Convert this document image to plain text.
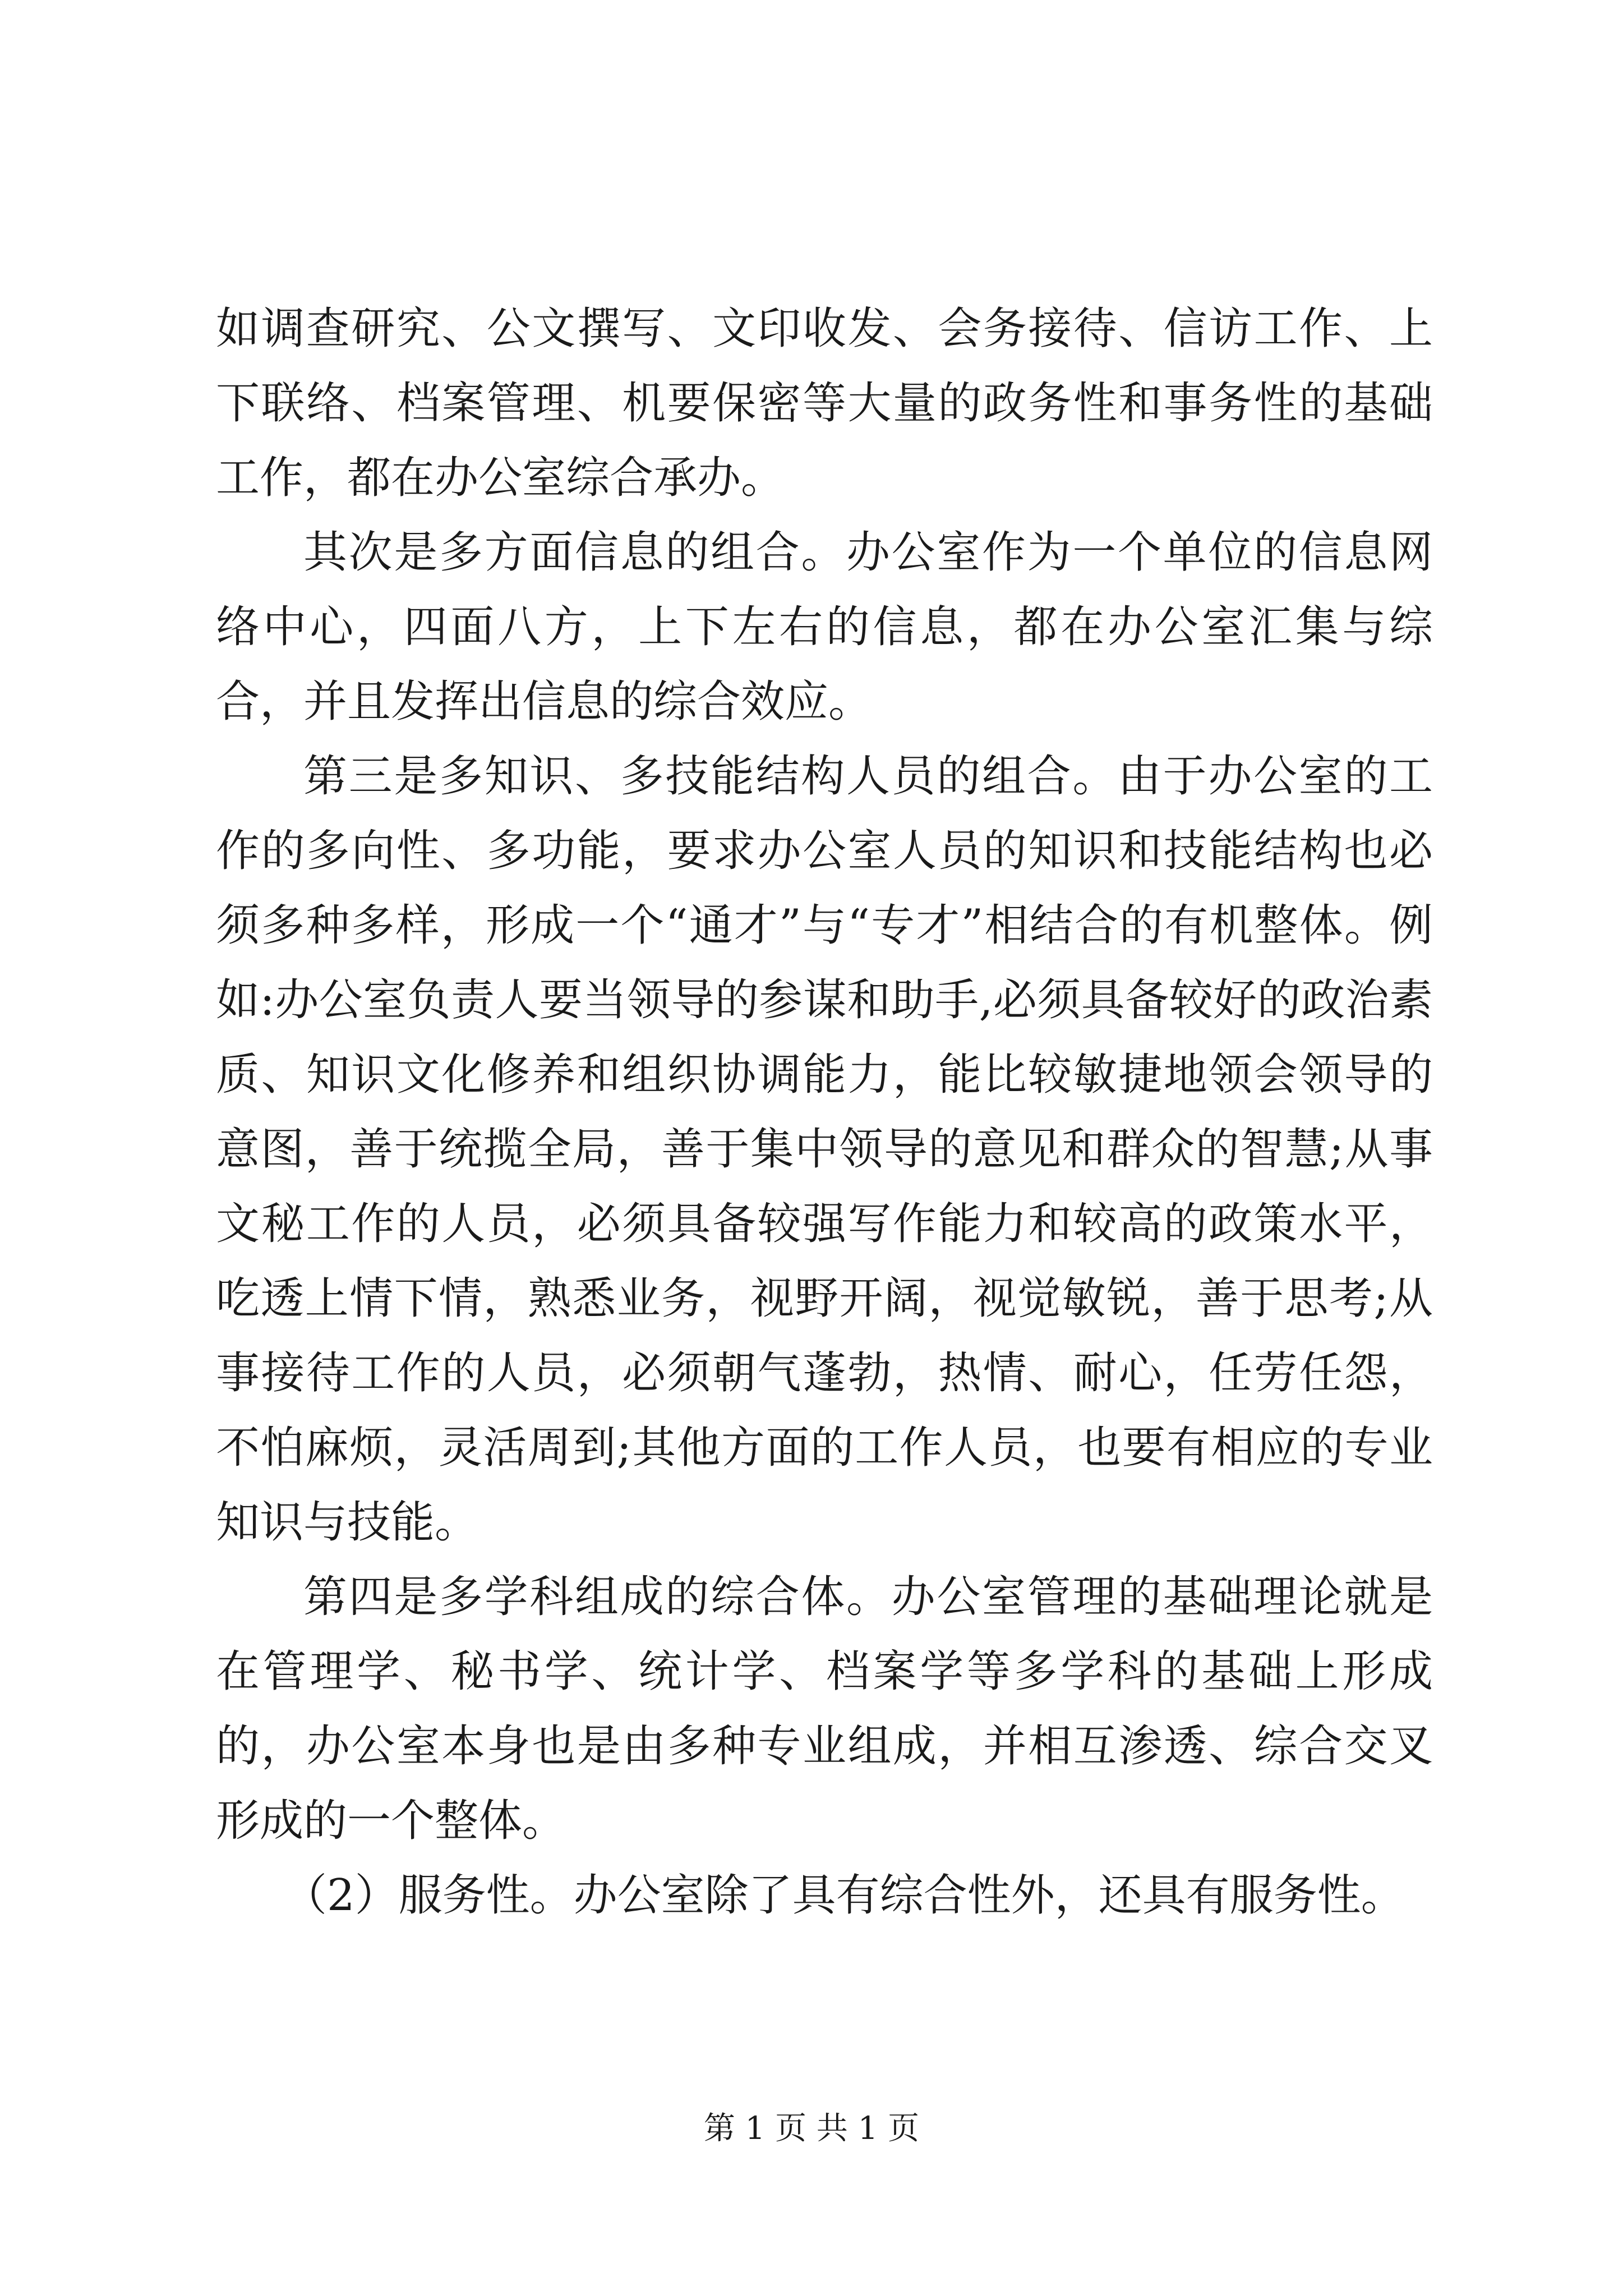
如调查研究、公文撰写、文印收发、会务接待、信访工作、上下联络、档案管理、机要保密等大量的政务性和事务性的基础工作，都在办公室综合承办。

其次是多方面信息的组合。办公室作为一个单位的信息网络中心，四面八方，上下左右的信息，都在办公室汇集与综合，并且发挥出信息的综合效应。

第三是多知识、多技能结构人员的组合。由于办公室的工作的多向性、多功能，要求办公室人员的知识和技能结构也必须多种多样，形成一个“通才”与“专才”相结合的有机整体。例如:办公室负责人要当领导的参谋和助手,必须具备较好的政治素质、知识文化修养和组织协调能力，能比较敏捷地领会领导的意图，善于统揽全局，善于集中领导的意见和群众的智慧;从事文秘工作的人员，必须具备较强写作能力和较高的政策水平，吃透上情下情，熟悉业务，视野开阔，视觉敏锐，善于思考;从事接待工作的人员，必须朝气蓬勃，热情、耐心，任劳任怨，不怕麻烦，灵活周到;其他方面的工作人员，也要有相应的专业知识与技能。

第四是多学科组成的综合体。办公室管理的基础理论就是在管理学、秘书学、统计学、档案学等多学科的基础上形成的，办公室本身也是由多种专业组成，并相互渗透、综合交叉形成的一个整体。

（2）服务性。办公室除了具有综合性外，还具有服务性。

第 1 页 共 1 页
